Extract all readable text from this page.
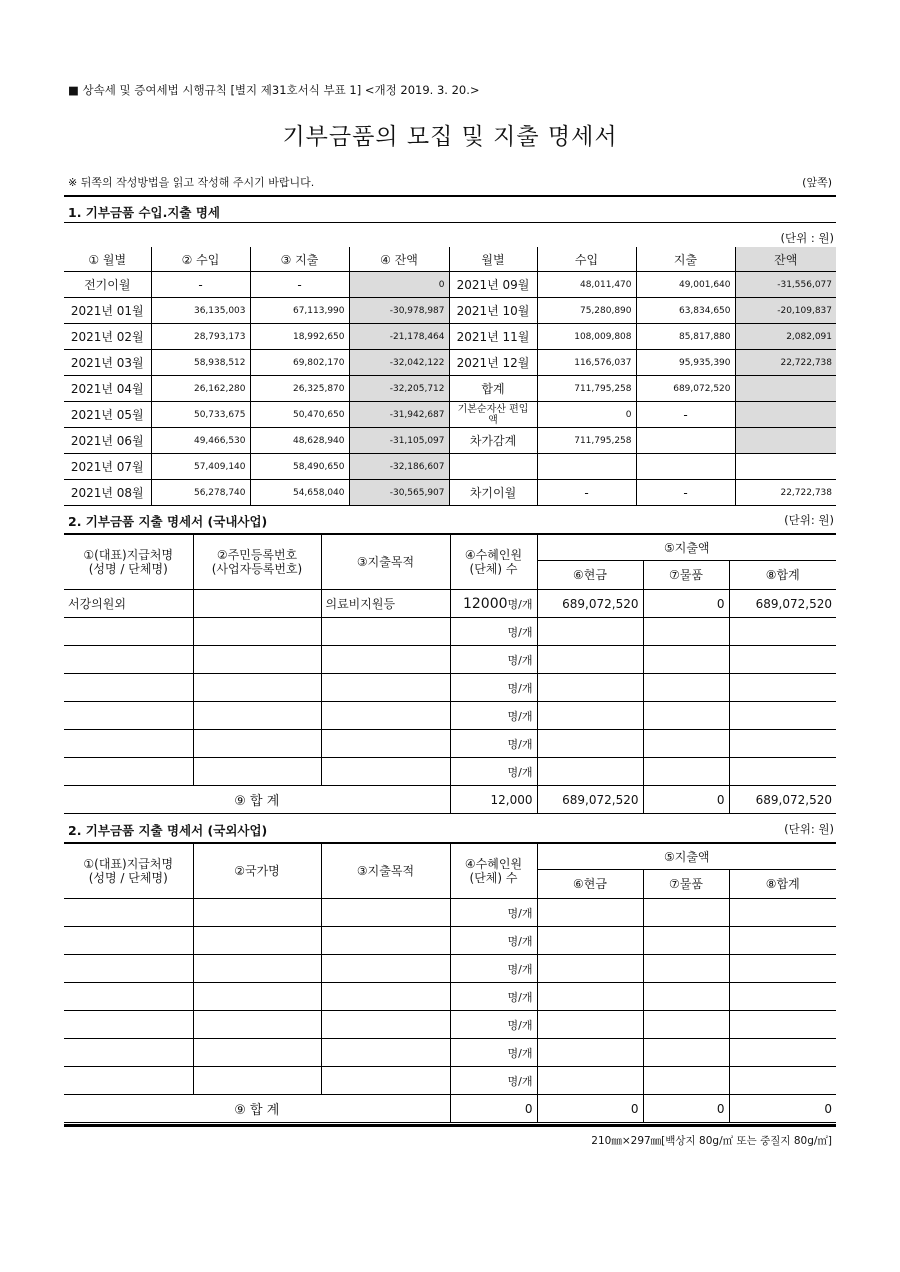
■ 상속세 및 증여세법 시행규칙 [별지 제31호서식 부표 1] <개정 2019. 3. 20.>
기부금품의 모집 및 지출 명세서
※ 뒤쪽의 작성방법을 읽고 작성해 주시기 바랍니다.	(앞쪽)
1. 기부금품 수입.지출 명세
(단위 : 원)
① 월별	② 수입	③ 지출	④ 잔액	월별	수입	지출	잔액
전기이월	-	-	0	2021년 09월	48,011,470	49,001,640	-31,556,077
2021년 01월	36,135,003	67,113,990	-30,978,987	2021년 10월	75,280,890	63,834,650	-20,109,837
2021년 02월	28,793,173	18,992,650	-21,178,464	2021년 11월	108,009,808	85,817,880	2,082,091
2021년 03월	58,938,512	69,802,170	-32,042,122	2021년 12월	116,576,037	95,935,390	22,722,738
2021년 04월	26,162,280	26,325,870	-32,205,712	합계	711,795,258	689,072,520	
2021년 05월	50,733,675	50,470,650	-31,942,687	기본순자산 편입액	0	-	
2021년 06월	49,466,530	48,628,940	-31,105,097	차가감계	711,795,258		
2021년 07월	57,409,140	58,490,650	-32,186,607				
2021년 08월	56,278,740	54,658,040	-30,565,907	차기이월	-	-	22,722,738
2. 기부금품 지출 명세서 (국내사업)	(단위: 원)
①(대표)지급처명
(성명 / 단체명)	②주민등록번호
(사업자등록번호)	③지출목적	④수혜인원
(단체) 수	⑤지출액		
				⑥현금	⑦물품	⑧합계
서강의원외		의료비지원등	12000명/개	689,072,520	0	689,072,520
			명/개			
			명/개			
			명/개			
			명/개			
			명/개			
			명/개			
⑨ 합 계			12,000	689,072,520	0	689,072,520
2. 기부금품 지출 명세서 (국외사업)	(단위: 원)
①(대표)지급처명
(성명 / 단체명)	②국가명	③지출목적	④수혜인원
(단체) 수	⑤지출액		
				⑥현금	⑦물품	⑧합계
			명/개			
			명/개			
			명/개			
			명/개			
			명/개			
			명/개			
			명/개			
⑨ 합 계			0	0	0	0
210㎜×297㎜[백상지 80g/㎡ 또는 중질지 80g/㎡]
